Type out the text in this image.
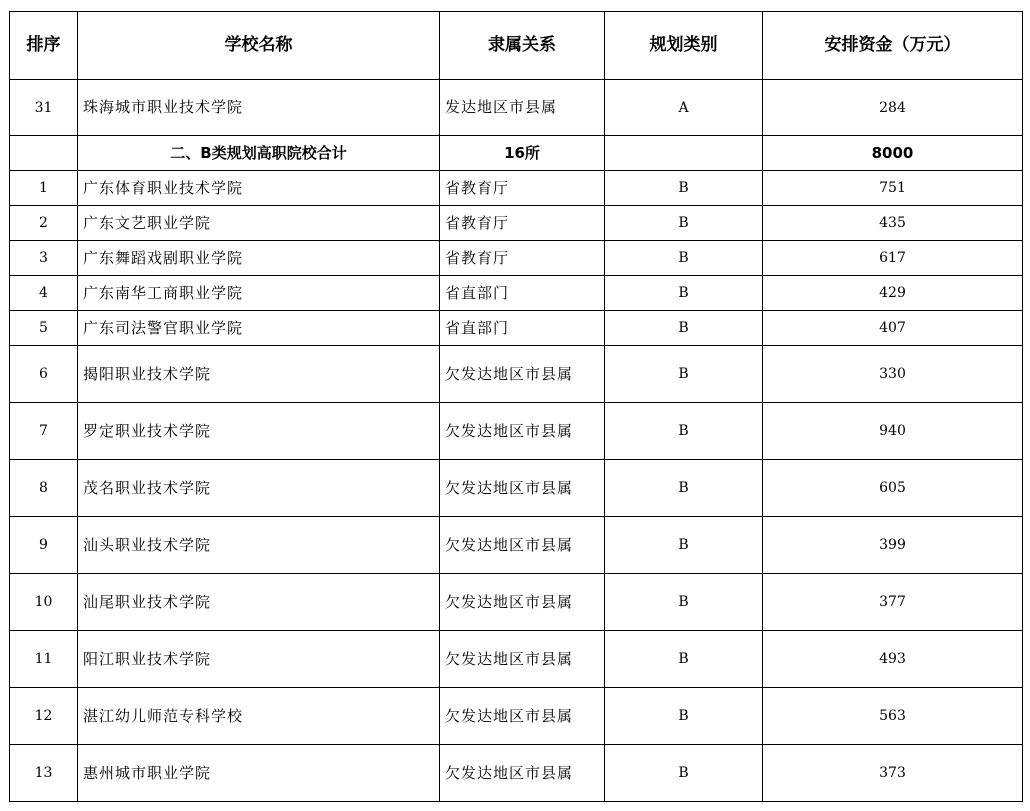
排序	学校名称	隶属关系	规划类别	安排资金（万元）
31	珠海城市职业技术学院	发达地区市县属	A	284
	二、B类规划高职院校合计	16所		8000
1	广东体育职业技术学院	省教育厅	B	751
2	广东文艺职业学院	省教育厅	B	435
3	广东舞蹈戏剧职业学院	省教育厅	B	617
4	广东南华工商职业学院	省直部门	B	429
5	广东司法警官职业学院	省直部门	B	407
6	揭阳职业技术学院	欠发达地区市县属	B	330
7	罗定职业技术学院	欠发达地区市县属	B	940
8	茂名职业技术学院	欠发达地区市县属	B	605
9	汕头职业技术学院	欠发达地区市县属	B	399
10	汕尾职业技术学院	欠发达地区市县属	B	377
11	阳江职业技术学院	欠发达地区市县属	B	493
12	湛江幼儿师范专科学校	欠发达地区市县属	B	563
13	惠州城市职业学院	欠发达地区市县属	B	373
